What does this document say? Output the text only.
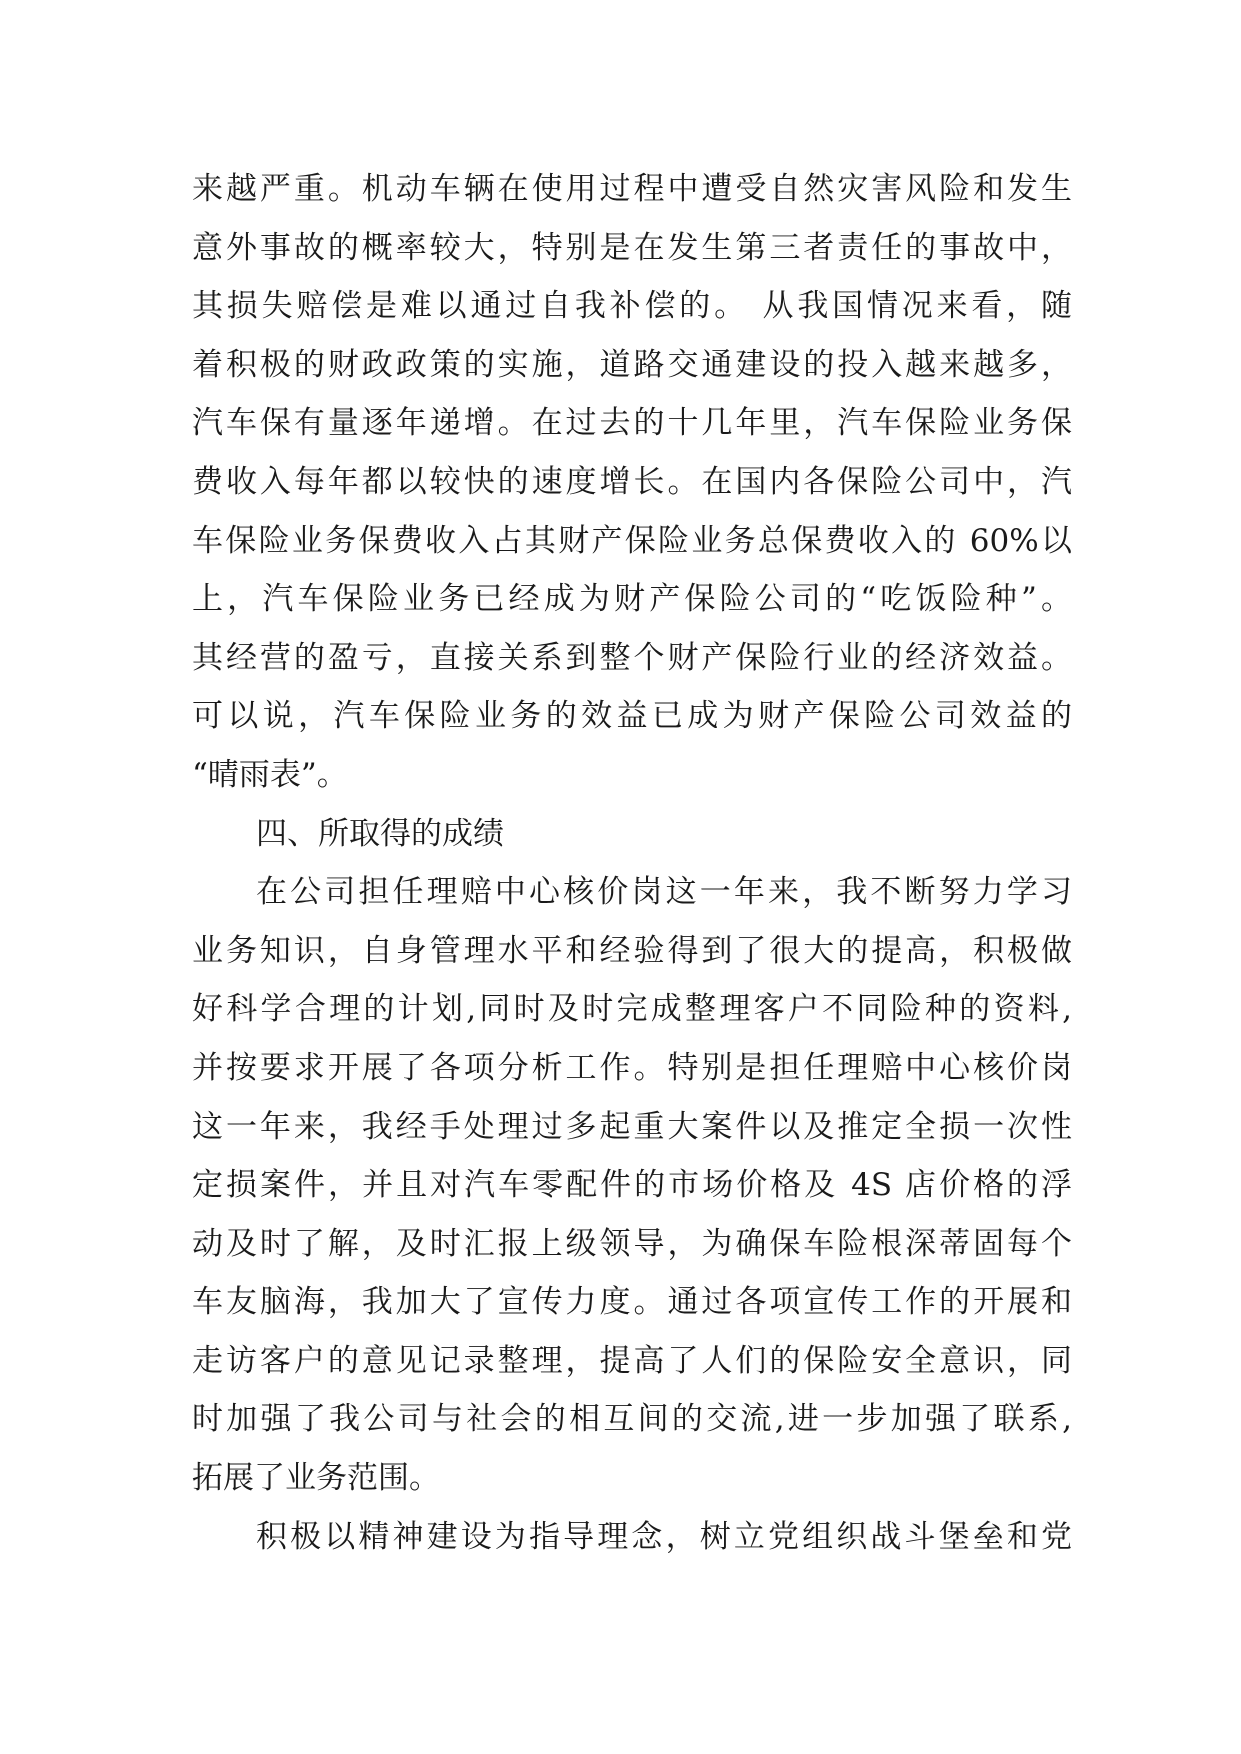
来越严重。机动车辆在使用过程中遭受自然灾害风险和发生
意外事故的概率较大，特别是在发生第三者责任的事故中，
其损失赔偿是难以通过自我补偿的。 从我国情况来看，随
着积极的财政政策的实施，道路交通建设的投入越来越多，
汽车保有量逐年递增。在过去的十几年里，汽车保险业务保
费收入每年都以较快的速度增长。在国内各保险公司中，汽
车保险业务保费收入占其财产保险业务总保费收入的 60%以
上，汽车保险业务已经成为财产保险公司的“吃饭险种”。
其经营的盈亏，直接关系到整个财产保险行业的经济效益。
可以说，汽车保险业务的效益已成为财产保险公司效益的
“晴雨表”。
四、所取得的成绩
在公司担任理赔中心核价岗这一年来，我不断努力学习
业务知识，自身管理水平和经验得到了很大的提高，积极做
好科学合理的计划,同时及时完成整理客户不同险种的资料,
并按要求开展了各项分析工作。特别是担任理赔中心核价岗
这一年来，我经手处理过多起重大案件以及推定全损一次性
定损案件，并且对汽车零配件的市场价格及 4S 店价格的浮
动及时了解，及时汇报上级领导，为确保车险根深蒂固每个
车友脑海，我加大了宣传力度。通过各项宣传工作的开展和
走访客户的意见记录整理，提高了人们的保险安全意识，同
时加强了我公司与社会的相互间的交流,进一步加强了联系,
拓展了业务范围。
积极以精神建设为指导理念，树立党组织战斗堡垒和党
